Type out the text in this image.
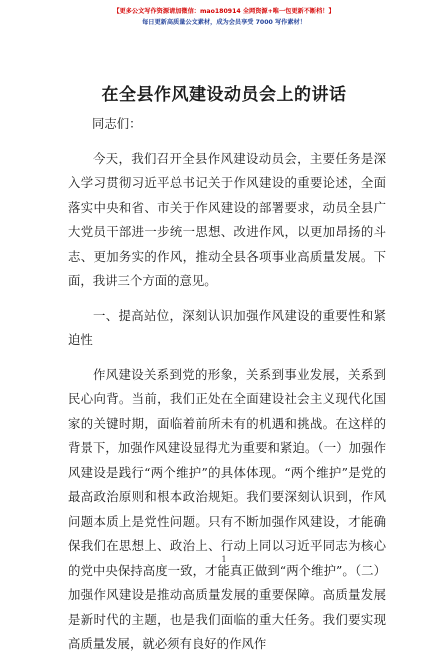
【更多公文写作资源请加微信：mao180914 全网资源+唯一包更新不断档！】
每日更新高质量公文素材，成为会员享受 7000 写作素材！
在全县作风建设动员会上的讲话

同志们：

今天，我们召开全县作风建设动员会，主要任务是深入学习贯彻习近平总书记关于作风建设的重要论述，全面落实中央和省、市关于作风建设的部署要求，动员全县广大党员干部进一步统一思想、改进作风，以更加昂扬的斗志、更加务实的作风，推动全县各项事业高质量发展。下面，我讲三个方面的意见。

一、提高站位，深刻认识加强作风建设的重要性和紧迫性

作风建设关系到党的形象，关系到事业发展，关系到民心向背。当前，我们正处在全面建设社会主义现代化国家的关键时期，面临着前所未有的机遇和挑战。在这样的背景下，加强作风建设显得尤为重要和紧迫。（一）加强作风建设是践行“两个维护”的具体体现。“两个维护”是党的最高政治原则和根本政治规矩。我们要深刻认识到，作风问题本质上是党性问题。只有不断加强作风建设，才能确保我们在思想上、政治上、行动上同以习近平同志为核心的党中央保持高度一致，才能真正做到“两个维护”。（二）加强作风建设是推动高质量发展的重要保障。高质量发展是新时代的主题，也是我们面临的重大任务。我们要实现高质量发展，就必须有良好的作风作

1
